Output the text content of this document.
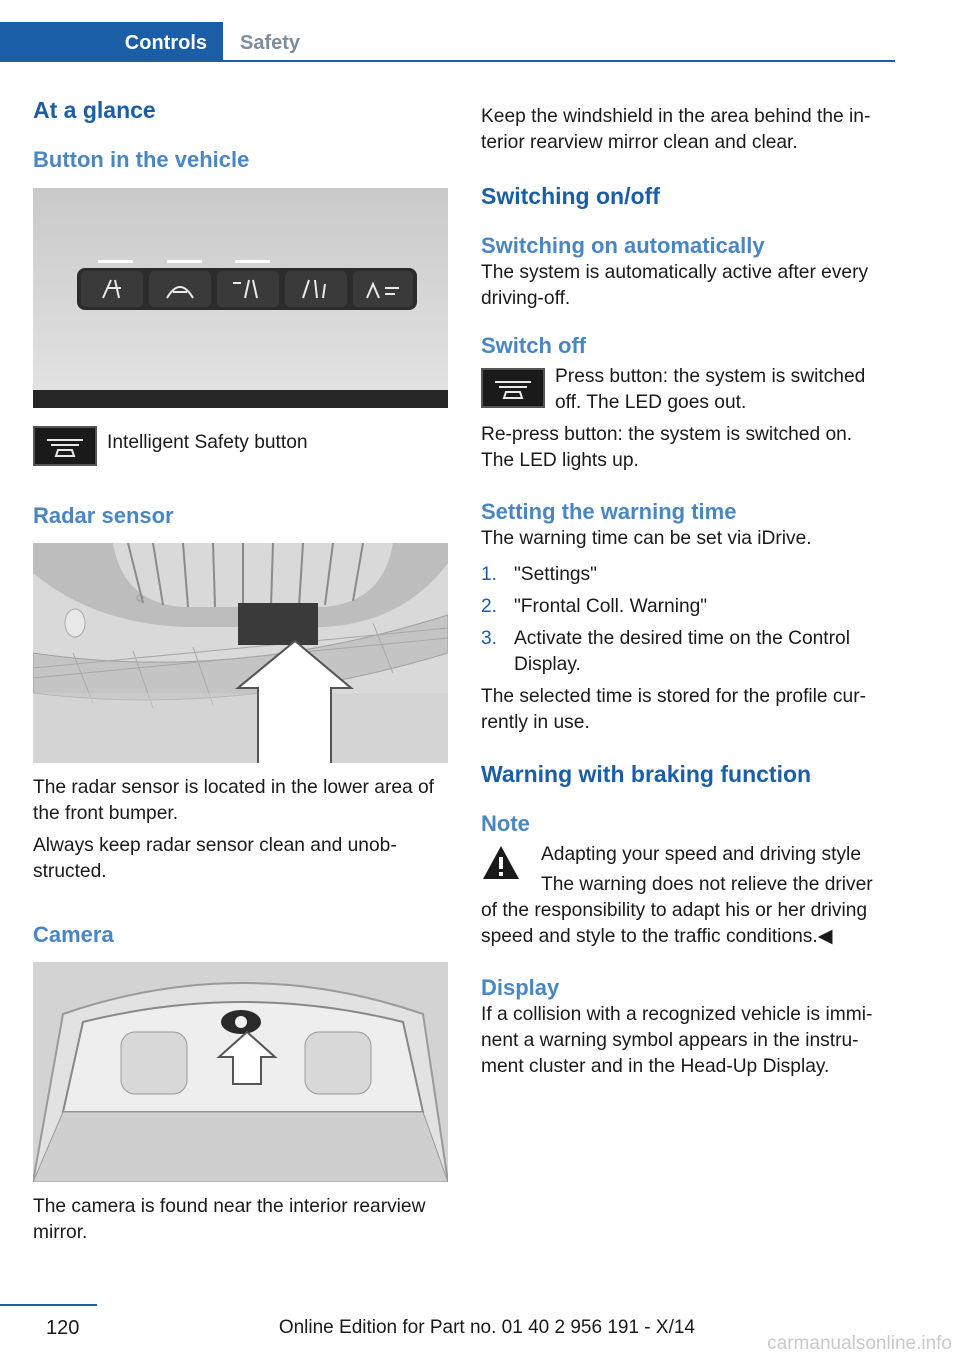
Controls	Safety
At a glance
Button in the vehicle

Intelligent Safety button

Radar sensor

The radar sensor is located in the lower area of the front bumper.

Always keep radar sensor clean and unob-structed.

Camera

The camera is found near the interior rearview mirror.

Keep the windshield in the area behind the in-terior rearview mirror clean and clear.

Switching on/off
Switching on automatically

The system is automatically active after every driving-off.

Switch off

Press button: the system is switched off. The LED goes out.

Re-press button: the system is switched on. The LED lights up.

Setting the warning time

The warning time can be set via iDrive.

1. "Settings"
2. "Frontal Coll. Warning"
3. Activate the desired time on the Control Display.

The selected time is stored for the profile cur-rently in use.

Warning with braking function
Note

Adapting your speed and driving style

The warning does not relieve the driver

of the responsibility to adapt his or her driving speed and style to the traffic conditions.◀

Display

If a collision with a recognized vehicle is immi-nent a warning symbol appears in the instru-ment cluster and in the Head-Up Display.

120	Online Edition for Part no. 01 40 2 956 191 - X/14
carmanualsonline.info
